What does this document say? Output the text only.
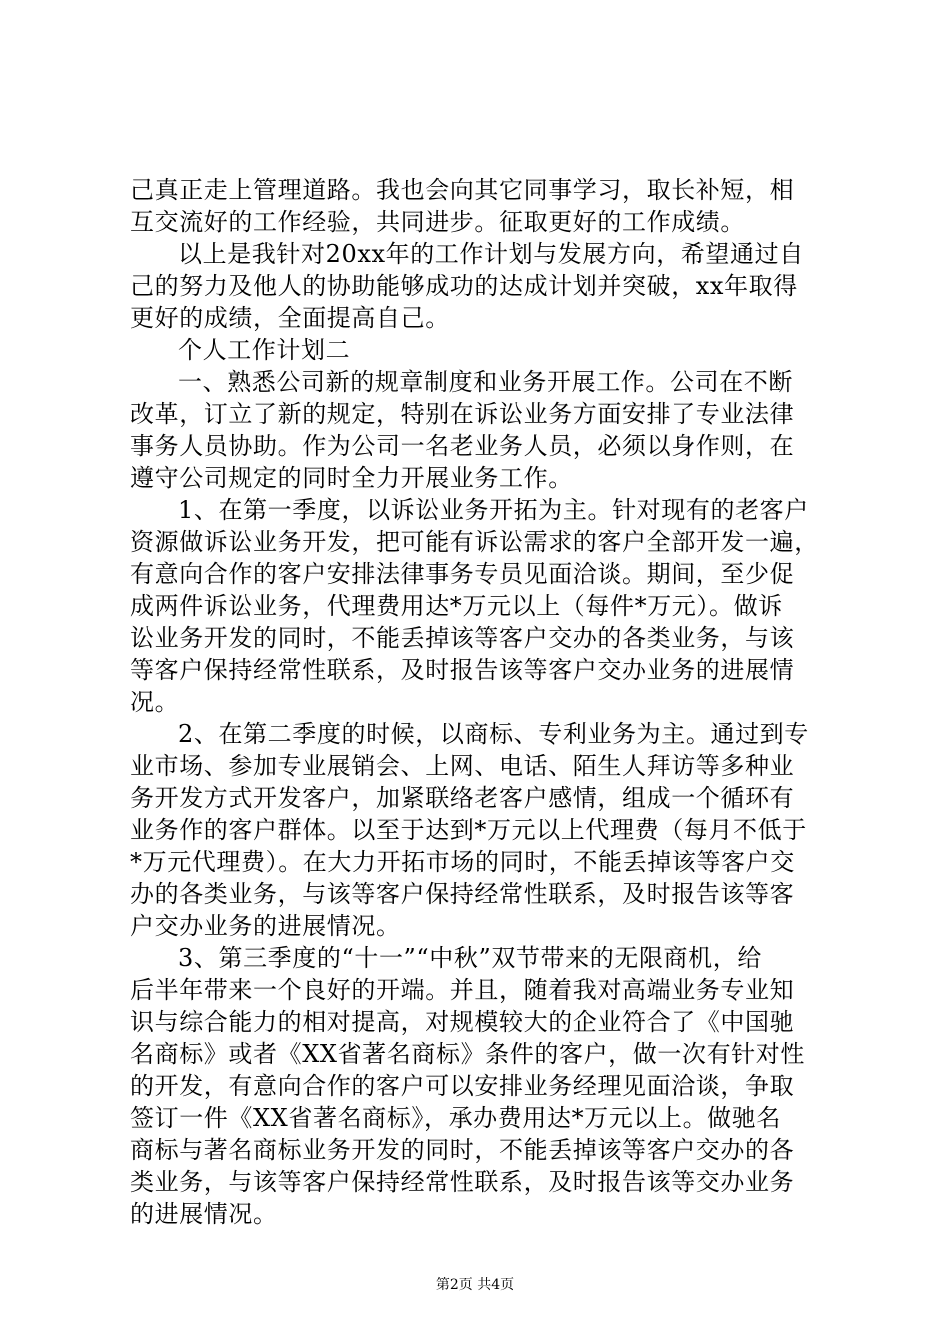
己真正走上管理道路。我也会向其它同事学习，取长补短，相
互交流好的工作经验，共同进步。征取更好的工作成绩。
以上是我针对20xx年的工作计划与发展方向，希望通过自
己的努力及他人的协助能够成功的达成计划并突破，xx年取得
更好的成绩，全面提高自己。
个人工作计划二
一、熟悉公司新的规章制度和业务开展工作。公司在不断
改革，订立了新的规定，特别在诉讼业务方面安排了专业法律
事务人员协助。作为公司一名老业务人员，必须以身作则，在
遵守公司规定的同时全力开展业务工作。
1、在第一季度，以诉讼业务开拓为主。针对现有的老客户
资源做诉讼业务开发，把可能有诉讼需求的客户全部开发一遍，
有意向合作的客户安排法律事务专员见面洽谈。期间，至少促
成两件诉讼业务，代理费用达*万元以上（每件*万元）。做诉
讼业务开发的同时，不能丢掉该等客户交办的各类业务，与该
等客户保持经常性联系，及时报告该等客户交办业务的进展情
况。
2、在第二季度的时候，以商标、专利业务为主。通过到专
业市场、参加专业展销会、上网、电话、陌生人拜访等多种业
务开发方式开发客户，加紧联络老客户感情，组成一个循环有
业务作的客户群体。以至于达到*万元以上代理费（每月不低于
*万元代理费）。在大力开拓市场的同时，不能丢掉该等客户交
办的各类业务，与该等客户保持经常性联系，及时报告该等客
户交办业务的进展情况。
3、第三季度的“十一”“中秋”双节带来的无限商机，给
后半年带来一个良好的开端。并且，随着我对高端业务专业知
识与综合能力的相对提高，对规模较大的企业符合了《中国驰
名商标》或者《XX省著名商标》条件的客户，做一次有针对性
的开发，有意向合作的客户可以安排业务经理见面洽谈，争取
签订一件《XX省著名商标》，承办费用达*万元以上。做驰名
商标与著名商标业务开发的同时，不能丢掉该等客户交办的各
类业务，与该等客户保持经常性联系，及时报告该等交办业务
的进展情况。
第2页 共4页
